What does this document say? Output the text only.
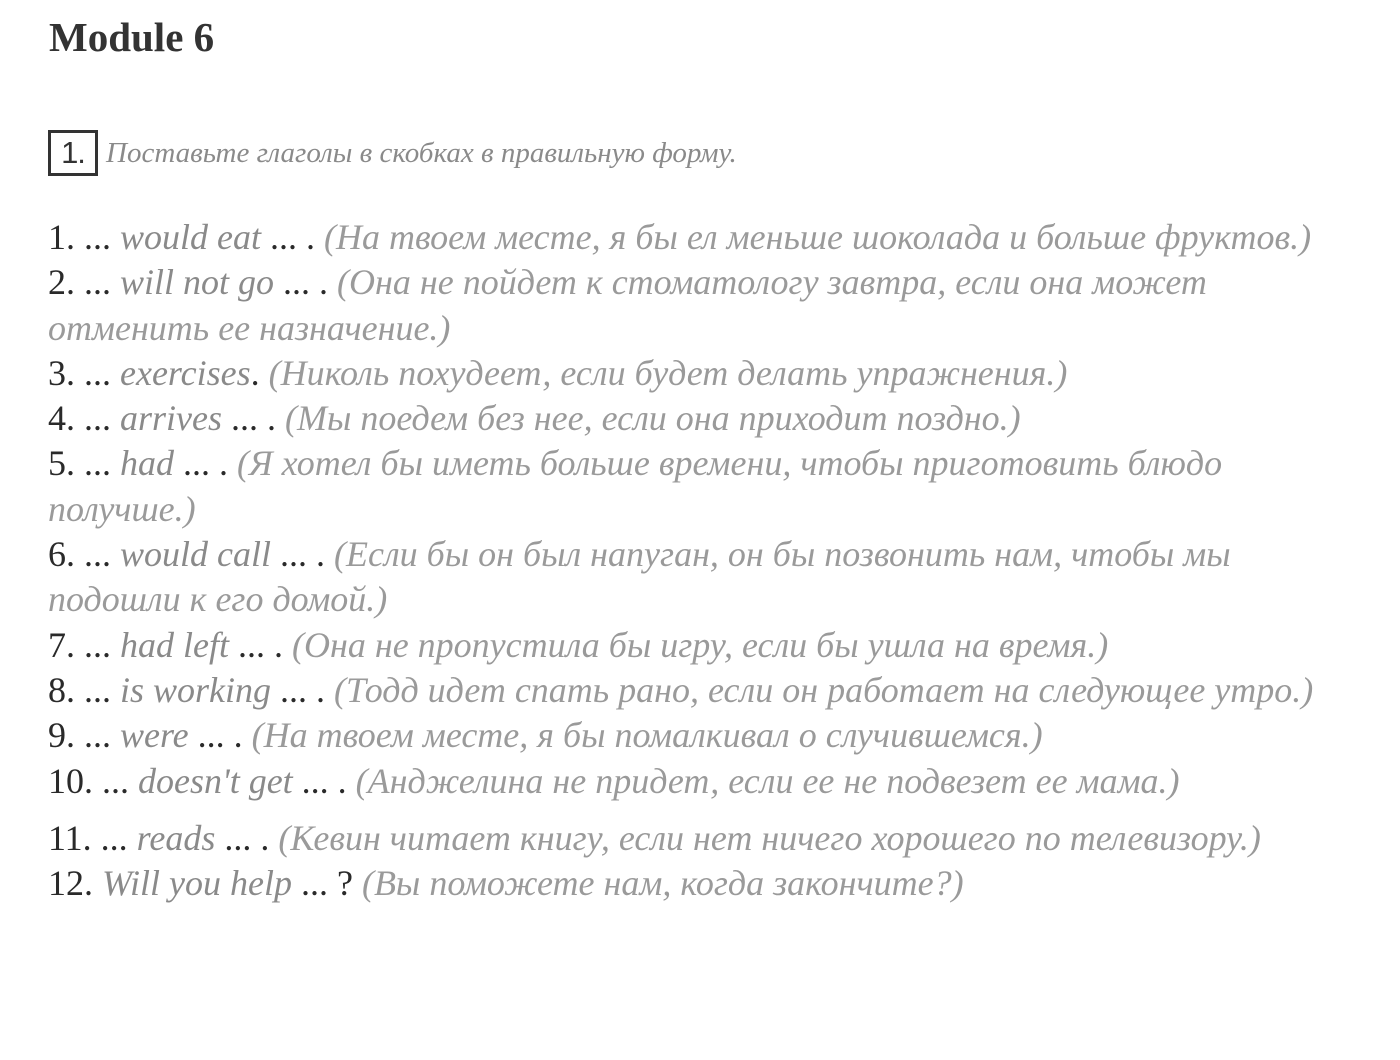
Module 6
1. Поставьте глаголы в скобках в правильную форму.
1. ... would eat ... . (На твоем месте, я бы ел меньше шоколада и больше фруктов.)
2. ... will not go ... . (Она не пойдет к стоматологу завтра, если она может отменить ее назначение.)
3. ... exercises. (Николь похудеет, если будет делать упражнения.)
4. ... arrives ... . (Мы поедем без нее, если она приходит поздно.)
5. ... had ... . (Я хотел бы иметь больше времени, чтобы приготовить блюдо получше.)
6. ... would call ... . (Если бы он был напуган, он бы позвонить нам, чтобы мы подошли к его домой.)
7. ... had left ... . (Она не пропустила бы игру, если бы ушла на время.)
8. ... is working ... . (Тодд идет спать рано, если он работает на следующее утро.)
9. ... were ... . (На твоем месте, я бы помалкивал о случившемся.)
10. ... doesn't get ... . (Анджелина не придет, если ее не подвезет ее мама.)
11. ... reads ... . (Кевин читает книгу, если нет ничего хорошего по телевизору.)
12. Will you help ... ? (Вы поможете нам, когда закончите?)
